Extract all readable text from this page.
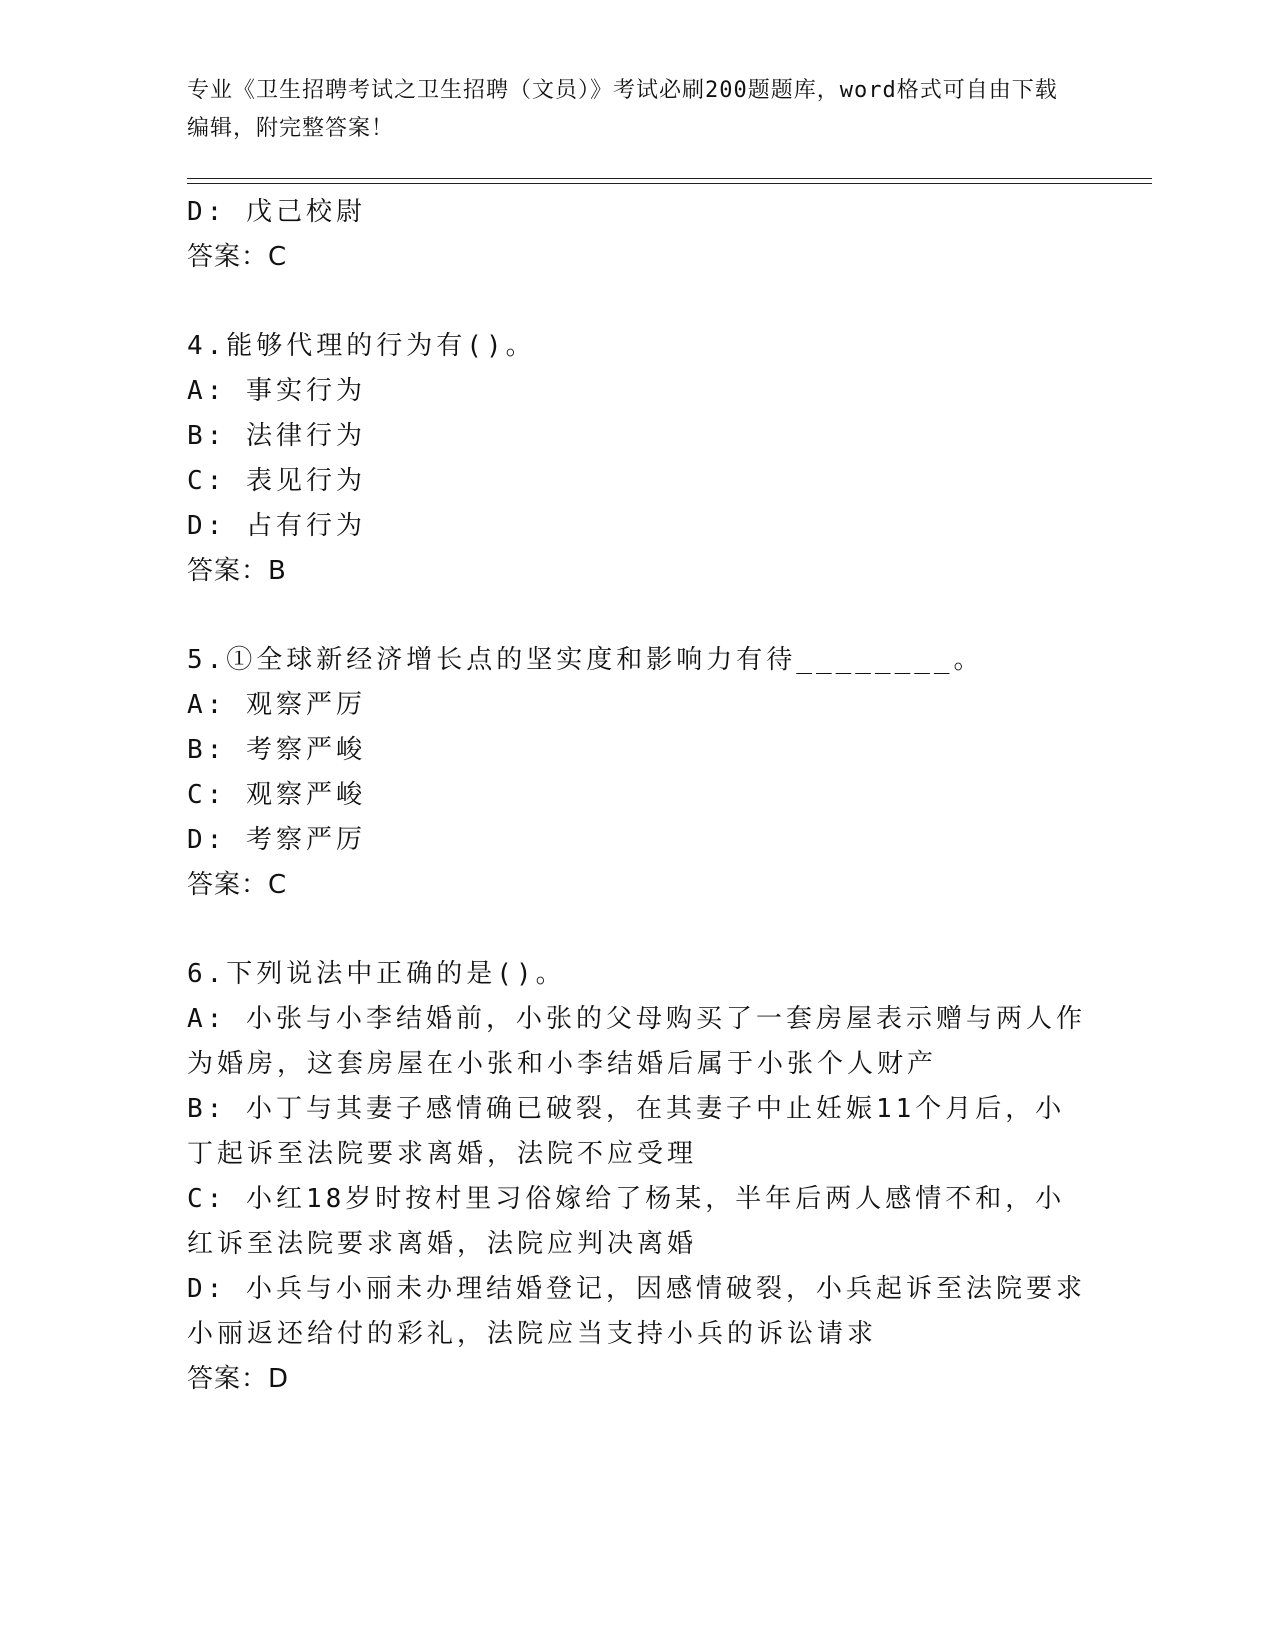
专业《卫生招聘考试之卫生招聘（文员）》考试必刷200题题库，word格式可自由下载编辑，附完整答案！
D: 戊己校尉
答案：C
4.能够代理的行为有()。
A: 事实行为
B: 法律行为
C: 表见行为
D: 占有行为
答案：B
5.①全球新经济增长点的坚实度和影响力有待________。
A: 观察严厉
B: 考察严峻
C: 观察严峻
D: 考察严厉
答案：C
6.下列说法中正确的是()。
A: 小张与小李结婚前，小张的父母购买了一套房屋表示赠与两人作为婚房，这套房屋在小张和小李结婚后属于小张个人财产
B: 小丁与其妻子感情确已破裂，在其妻子中止妊娠11个月后，小丁起诉至法院要求离婚，法院不应受理
C: 小红18岁时按村里习俗嫁给了杨某，半年后两人感情不和，小红诉至法院要求离婚，法院应判决离婚
D: 小兵与小丽未办理结婚登记，因感情破裂，小兵起诉至法院要求小丽返还给付的彩礼，法院应当支持小兵的诉讼请求
答案：D
